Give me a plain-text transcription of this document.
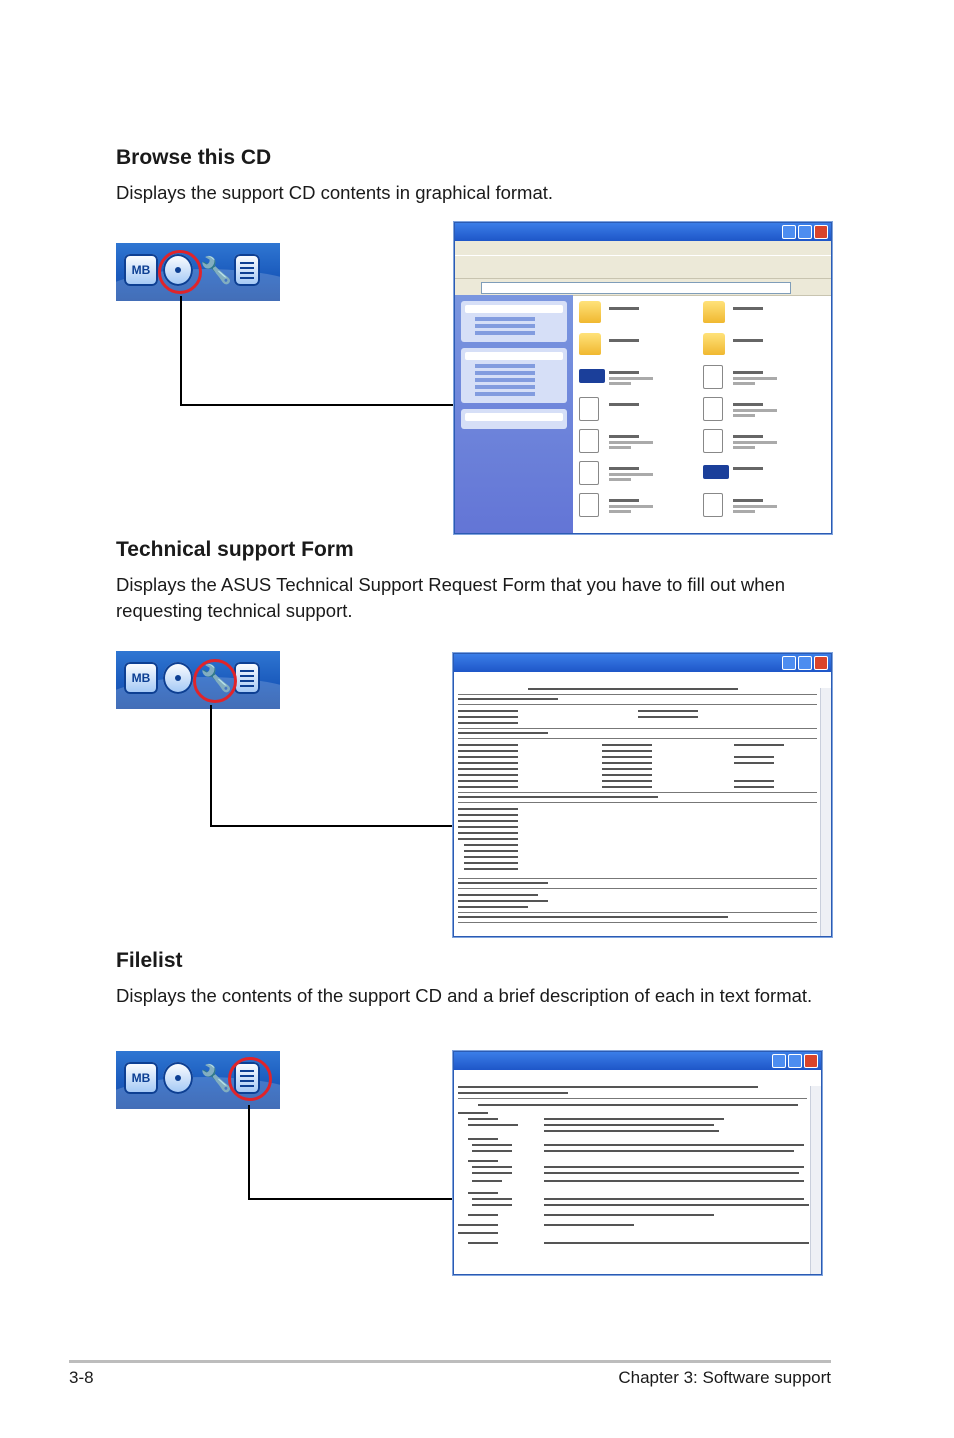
Browse this CD
Displays the support CD contents in graphical format.
MB 🔧
Technical support Form
Displays the ASUS Technical Support Request Form that you have to fill out when requesting technical support.
MB 🔧
Filelist
Displays the contents of the support CD and a brief description of each in text format.
MB 🔧
3-8	Chapter 3: Software support
